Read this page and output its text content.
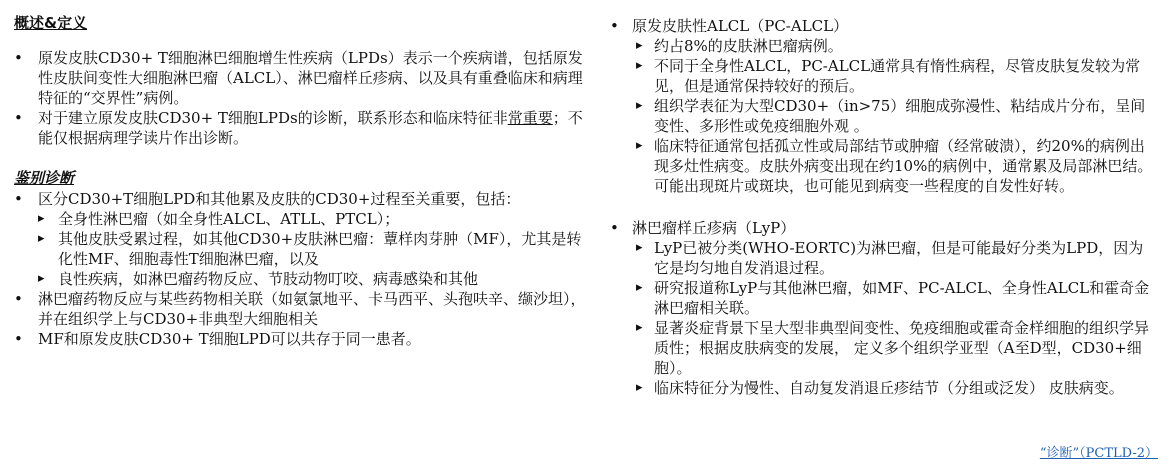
概述&定义

• 原发皮肤CD30+ T细胞淋巴细胞增生性疾病（LPDs）表示一个疾病谱，包括原发性皮肤间变性大细胞淋巴瘤（ALCL）、淋巴瘤样丘疹病、以及具有重叠临床和病理特征的“交界性”病例。

• 对于建立原发皮肤CD30+ T细胞LPDs的诊断，联系形态和临床特征非常重要；不能仅根据病理学读片作出诊断。

鉴别诊断

• 区分CD30+T细胞LPD和其他累及皮肤的CD30+过程至关重要，包括：

▸ 全身性淋巴瘤（如全身性ALCL、ATLL、PTCL）；

▸ 其他皮肤受累过程，如其他CD30+皮肤淋巴瘤：蕈样肉芽肿（MF），尤其是转化性MF、细胞毒性T细胞淋巴瘤，以及

▸ 良性疾病，如淋巴瘤药物反应、节肢动物叮咬、病毒感染和其他

• 淋巴瘤药物反应与某些药物相关联（如氨氯地平、卡马西平、头孢呋辛、缬沙坦），并在组织学上与CD30+非典型大细胞相关

• MF和原发皮肤CD30+ T细胞LPD可以共存于同一患者。

• 原发皮肤性ALCL（PC-ALCL）

▸ 约占8%的皮肤淋巴瘤病例。

▸ 不同于全身性ALCL，PC-ALCL通常具有惰性病程，尽管皮肤复发较为常见，但是通常保持较好的预后。

▸ 组织学表征为大型CD30+（in>75）细胞成弥漫性、粘结成片分布，呈间变性、多形性或免疫细胞外观 。

▸ 临床特征通常包括孤立性或局部结节或肿瘤（经常破溃），约20%的病例出现多灶性病变。皮肤外病变出现在约10%的病例中，通常累及局部淋巴结。 可能出现斑片或斑块，也可能见到病变一些程度的自发性好转。

• 淋巴瘤样丘疹病（LyP）

▸ LyP已被分类(WHO-EORTC)为淋巴瘤，但是可能最好分类为LPD，因为它是均匀地自发消退过程。

▸ 研究报道称LyP与其他淋巴瘤，如MF、PC-ALCL、全身性ALCL和霍奇金淋巴瘤相关联。

▸ 显著炎症背景下呈大型非典型间变性、免疫细胞或霍奇金样细胞的组织学异质性；根据皮肤病变的发展， 定义多个组织学亚型（A至D型，CD30+细胞）。

▸ 临床特征分为慢性、自动复发消退丘疹结节（分组或泛发） 皮肤病变。

“诊断”（PCTLD-2）
